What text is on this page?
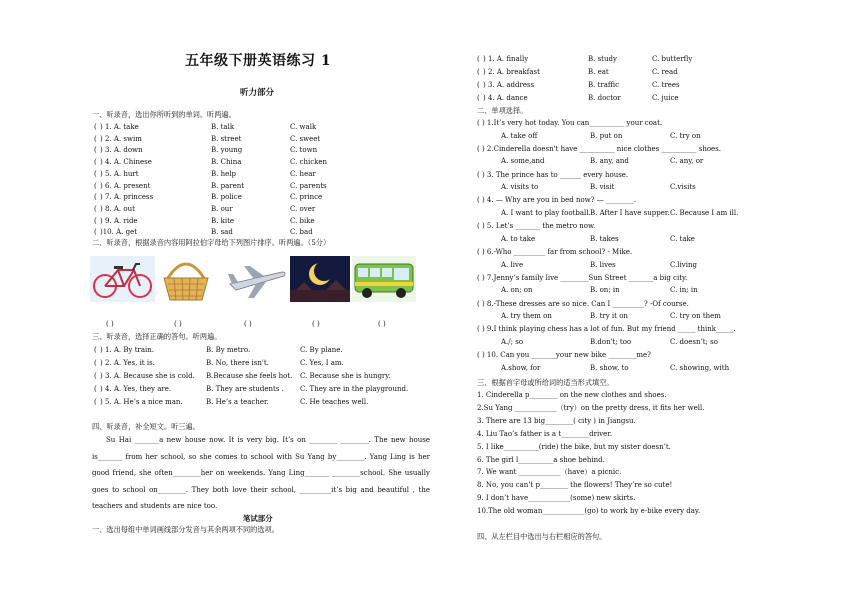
五年级下册英语练习 1
听力部分
一、听录音，选出你所听到的单词。听两遍。
( ) 1. A. take	B. talk	C. walk
( ) 2. A. swim	B. street	C. sweet
( ) 3. A. down	B. young	C. town
( ) 4. A. Chinese	B. China	C. chicken
( ) 5. A. hurt	B. help	C. hear
( ) 6. A. present	B. parent	C. parents
( ) 7. A. princess	B. police	C. prince
( ) 8. A. out	B. our	C. over
( ) 9. A. ride	B. kite	C. bike
( )10. A. get	B. sad	C. bad
二、听录音，根据录音内容用阿拉伯字母给下列图片排序。听两遍。（5分）
( )	( )	( )	( )	( )
三、听录音，选择正确的答句。听两遍。
( ) 1. A. By train.	B. By metro.	C. By plane.
( ) 2. A. Yes, it is.	B. No, there isn't.	C. Yes, I am.
( ) 3. A. Because she is cold. B.Because she feels hot. C. Because she is hungry.
( ) 4. A. Yes, they are.	B. They are students . C. They are in the playground.
( ) 5. A. He’s a nice man.	B. He’s a teacher.	C. He teaches well.
四、听录音，补全短文。听三遍。
Su Hai _______a new house now. It is very big. It’s on ________ ________. The new house is_______ from her school, so she comes to school with Su Yang by________. Yang Ling is her good friend, she often________her on weekends. Yang Ling_______ ________school. She usually goes to school on________. They both love their school, _________it’s big and beautiful , the teachers and students are nice too.
笔试部分
一、选出每组中单词画线部分发音与其余两项不同的选项。
( ) 1. A. finally	B. study	C. butterfly
( ) 2. A. breakfast	B. eat	C. read
( ) 3. A. address	B. traffic	C. trees
( ) 4. A. dance	B. doctor	C. juice
二、单项选择。
( ) 1.It’s very hot today. You can__________ your coat.
A. take off	B. put on	C. try on
( ) 2.Cinderella doesn't have __________ nice clothes __________ shoes.
A. some,and	B. any, and	C. any, or
( ) 3. The prince has to ______ every house.
A. visits to	B. visit	C.visits
( ) 4. — Why are you in bed now? — ________.
A. I want to play football. B. After I have supper. C. Because I am ill.
( ) 5. Let’s _______ the metro now.
A. to take	B. takes	C. take
( ) 6.-Who _________ far from school? - Mike.
A. live	B. lives	C.living
( ) 7.Jenny’s family live ________Sun Street _______a big city.
A. on; on	B. on; in	C. in; in
( ) 8.-These dresses are so nice. Can I _________? -Of course.
A. try them on	B. try it on	C. try on them
( ) 9.I think playing chess has a lot of fun. But my friend _____ think_____.
A./; so	B.don't; too	C. doesn’t; so
( ) 10. Can you _______your new bike ________me?
A.show, for	B. show, to	C. showing, with
三、根据首字母或所给词的适当形式填空。
1. Cinderella p________ on the new clothes and shoes.
2.Su Yang ____________（try）on the pretty dress, it fits her well.
3. There are 13 big________( city ) in Jiangsu.
4. Liu Tao’s father is a t________driver.
5. I like__________(ride) the bike, but my sister doesn’t.
6. The girl l__________a shoe behind.
7. We want ____________（have）a picnic.
8. No, you can’t p________ the flowers! They’re so cute!
9. I don’t have____________(some) new skirts.
10.The old woman____________(go) to work by e-bike every day.
四、从左栏目中选出与右栏相应的答句。
